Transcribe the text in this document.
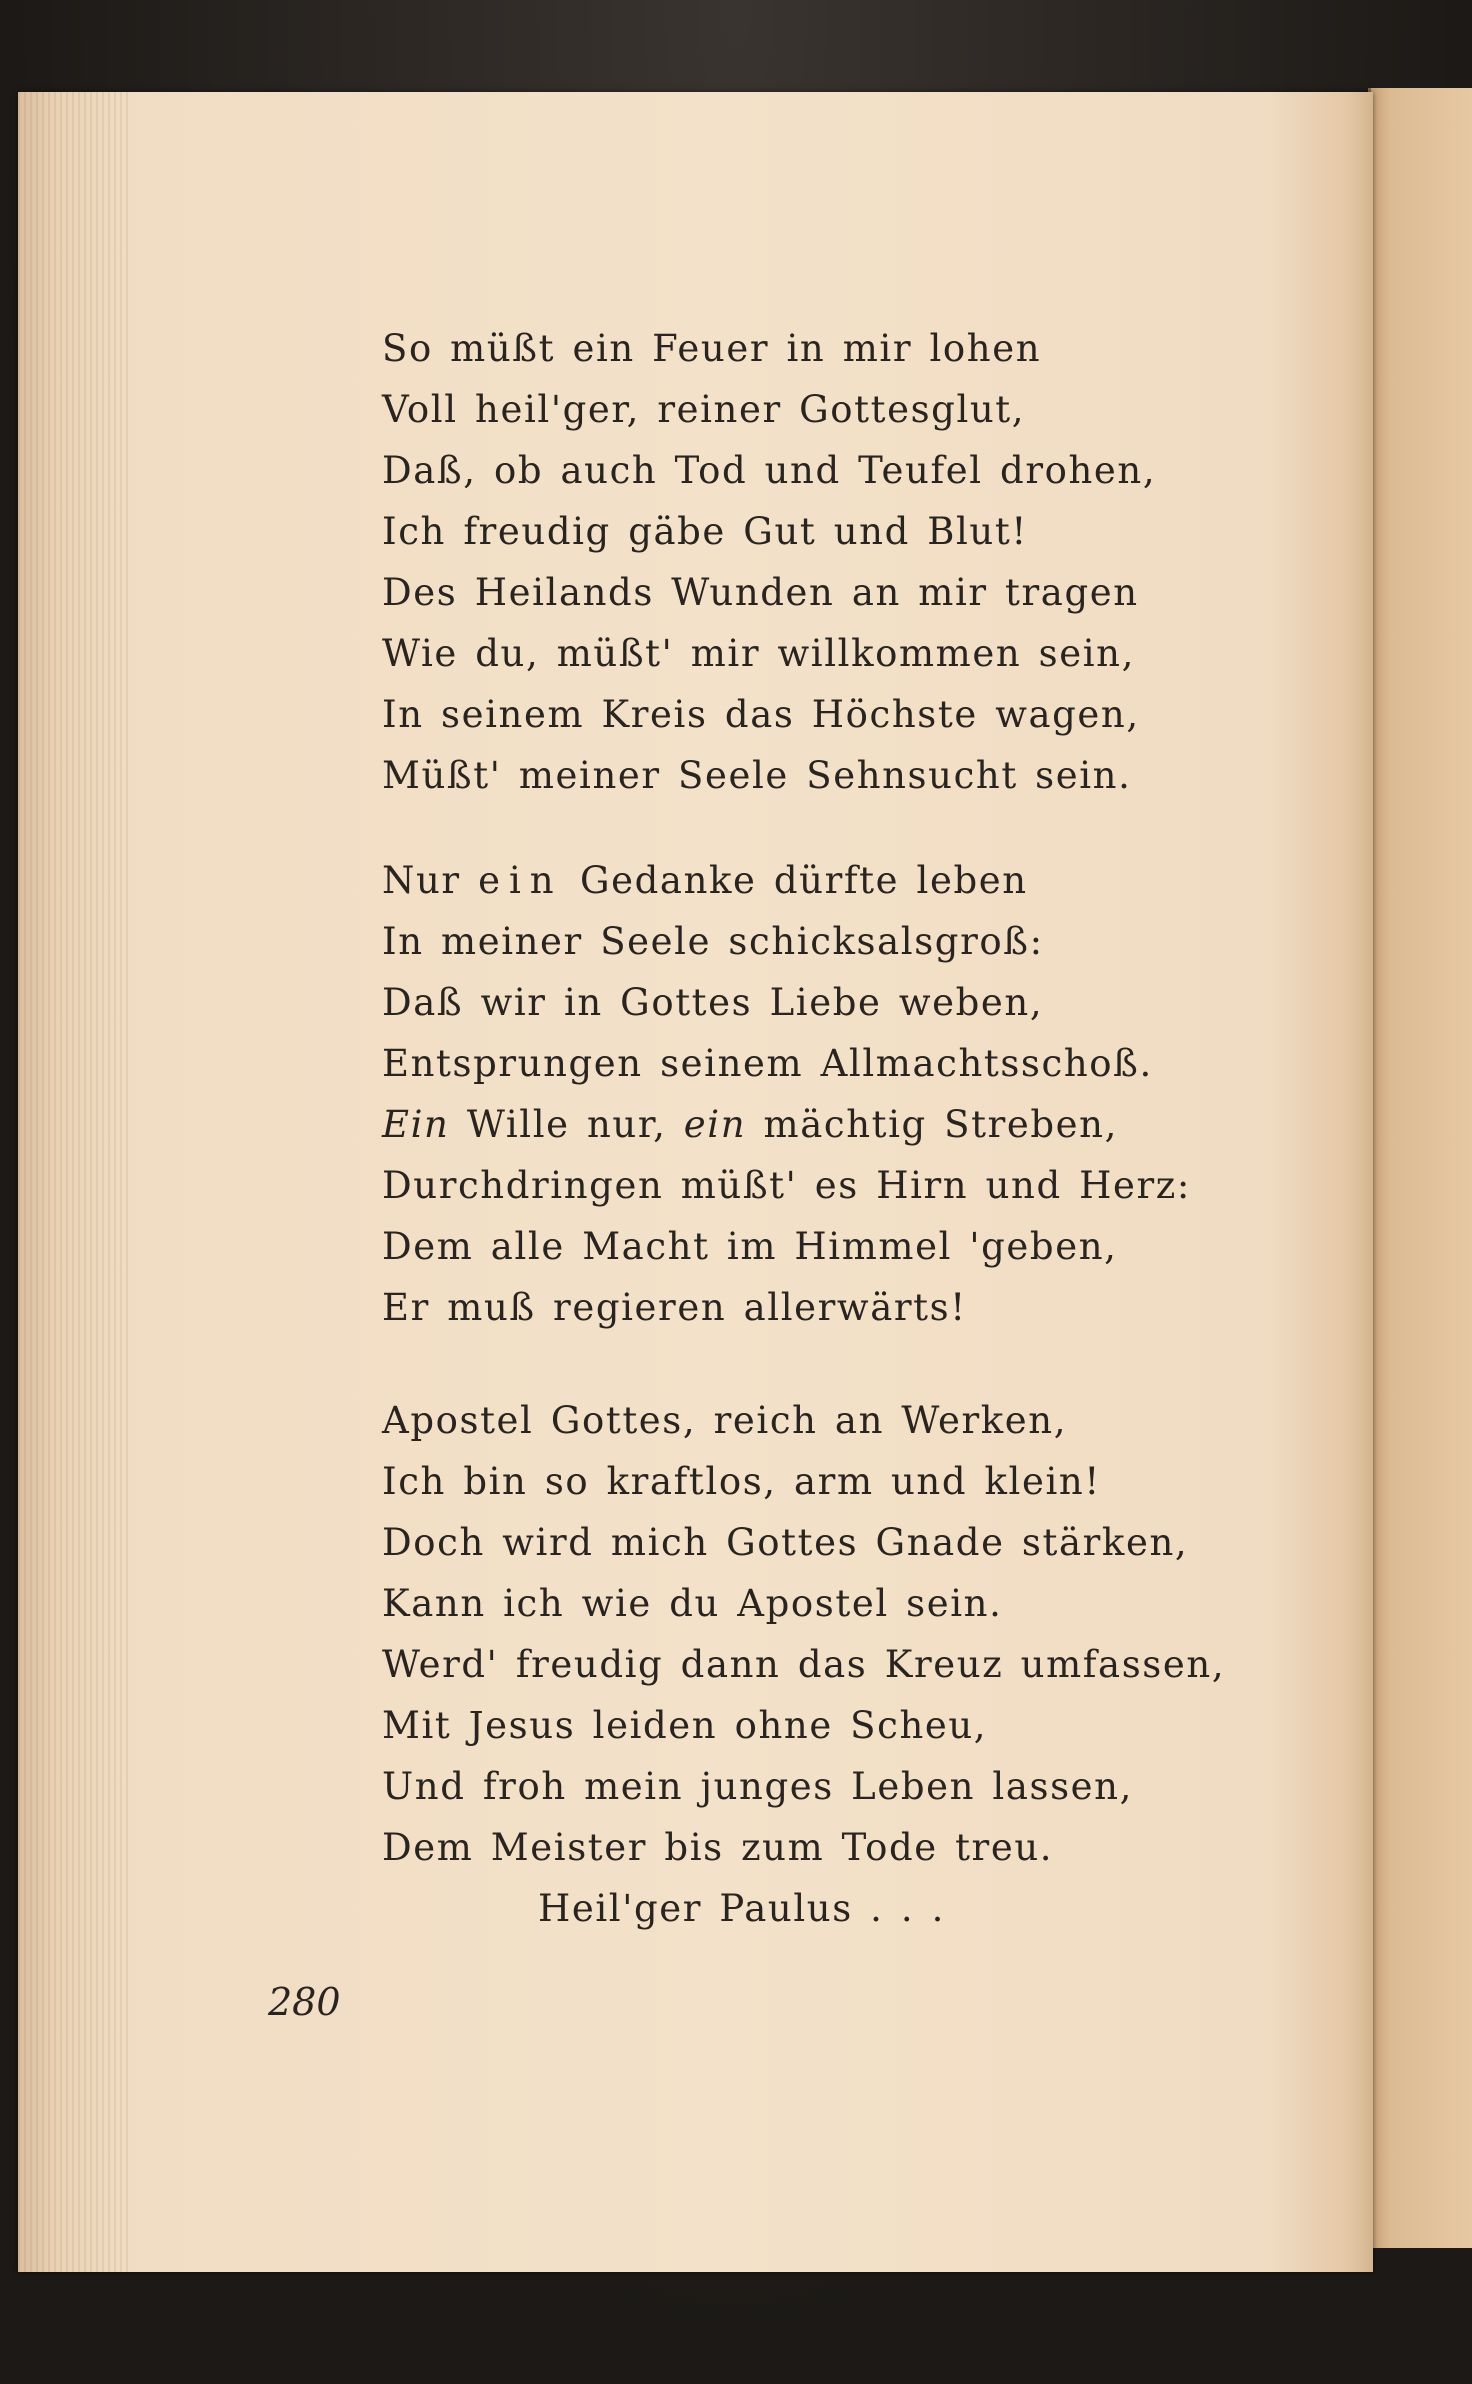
So müßt ein Feuer in mir lohen
Voll heil'ger, reiner Gottesglut,
Daß, ob auch Tod und Teufel drohen,
Ich freudig gäbe Gut und Blut!
Des Heilands Wunden an mir tragen
Wie du, müßt' mir willkommen sein,
In seinem Kreis das Höchste wagen,
Müßt' meiner Seele Sehnsucht sein.
Nur ein Gedanke dürfte leben
In meiner Seele schicksalsgroß:
Daß wir in Gottes Liebe weben,
Entsprungen seinem Allmachtsschoß.
Ein Wille nur, ein mächtig Streben,
Durchdringen müßt' es Hirn und Herz:
Dem alle Macht im Himmel 'geben,
Er muß regieren allerwärts!
Apostel Gottes, reich an Werken,
Ich bin so kraftlos, arm und klein!
Doch wird mich Gottes Gnade stärken,
Kann ich wie du Apostel sein.
Werd' freudig dann das Kreuz umfassen,
Mit Jesus leiden ohne Scheu,
Und froh mein junges Leben lassen,
Dem Meister bis zum Tode treu.
Heil'ger Paulus . . .
280
